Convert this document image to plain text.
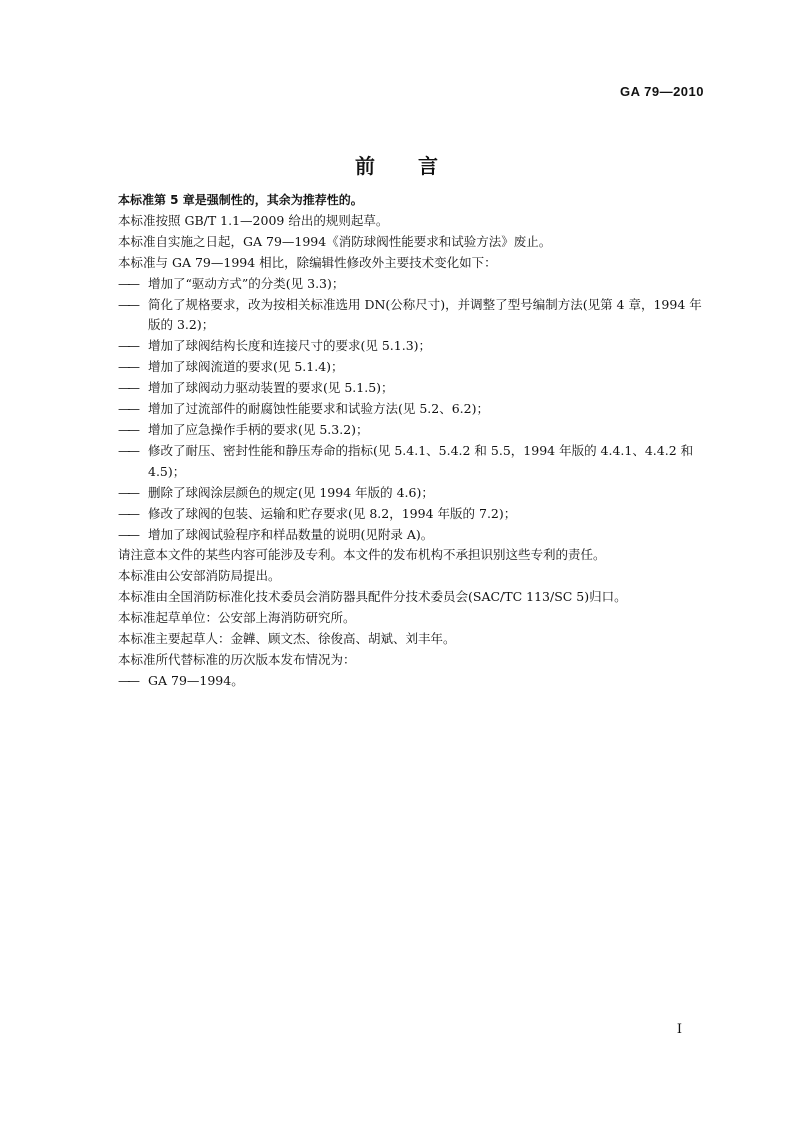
GA 79—2010

前 言

本标准第 5 章是强制性的，其余为推荐性的。

本标准按照 GB/T 1.1—2009 给出的规则起草。

本标准自实施之日起，GA 79—1994《消防球阀性能要求和试验方法》废止。

本标准与 GA 79—1994 相比，除编辑性修改外主要技术变化如下：

—— 增加了“驱动方式”的分类(见 3.3)；

—— 简化了规格要求，改为按相关标准选用 DN(公称尺寸)，并调整了型号编制方法(见第 4 章，1994 年版的 3.2)；

—— 增加了球阀结构长度和连接尺寸的要求(见 5.1.3)；

—— 增加了球阀流道的要求(见 5.1.4)；

—— 增加了球阀动力驱动装置的要求(见 5.1.5)；

—— 增加了过流部件的耐腐蚀性能要求和试验方法(见 5.2、6.2)；

—— 增加了应急操作手柄的要求(见 5.3.2)；

—— 修改了耐压、密封性能和静压寿命的指标(见 5.4.1、5.4.2 和 5.5，1994 年版的 4.4.1、4.4.2 和 4.5)；

—— 删除了球阀涂层颜色的规定(见 1994 年版的 4.6)；

—— 修改了球阀的包装、运输和贮存要求(见 8.2，1994 年版的 7.2)；

—— 增加了球阀试验程序和样品数量的说明(见附录 A)。

请注意本文件的某些内容可能涉及专利。本文件的发布机构不承担识别这些专利的责任。

本标准由公安部消防局提出。

本标准由全国消防标准化技术委员会消防器具配件分技术委员会(SAC/TC 113/SC 5)归口。

本标准起草单位：公安部上海消防研究所。

本标准主要起草人：金韡、顾文杰、徐俊高、胡斌、刘丰年。

本标准所代替标准的历次版本发布情况为：

—— GA 79—1994。

I
